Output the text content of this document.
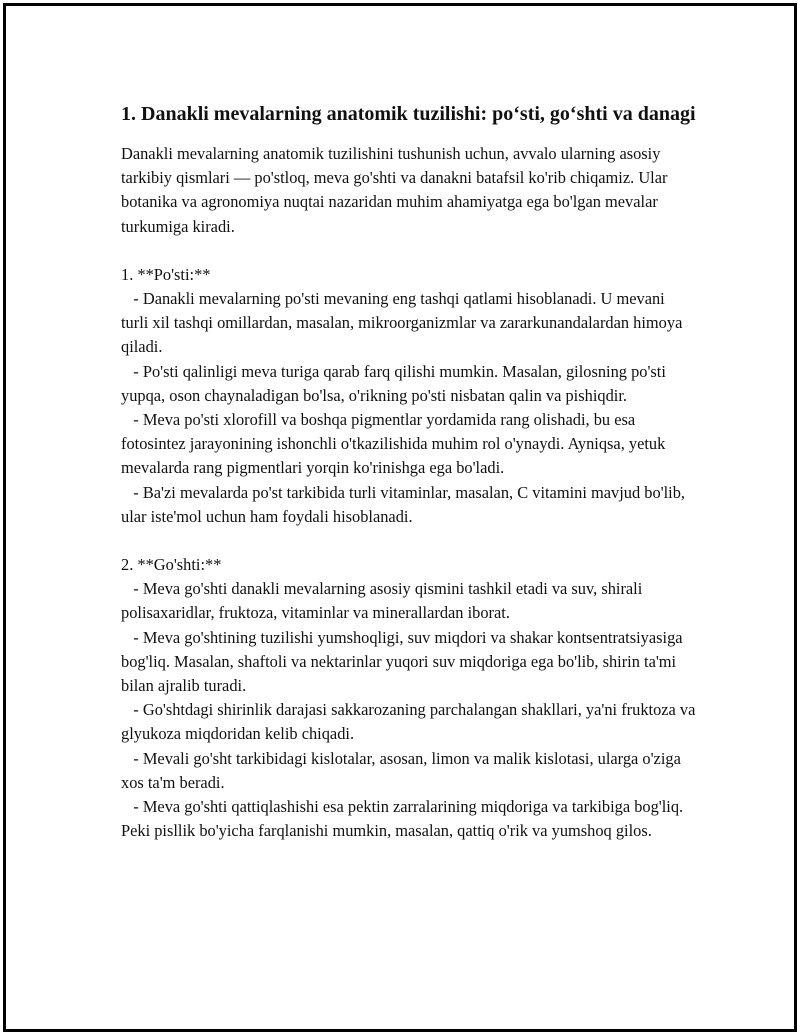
1. Danakli mevalarning anatomik tuzilishi: po‘sti, go‘shti va danagi

Danakli mevalarning anatomik tuzilishini tushunish uchun, avvalo ularning asosiy tarkibiy qismlari — po'stloq, meva go'shti va danakni batafsil ko'rib chiqamiz. Ular botanika va agronomiya nuqtai nazaridan muhim ahamiyatga ega bo'lgan mevalar turkumiga kiradi.

1. **Po'sti:**

- Danakli mevalarning po'sti mevaning eng tashqi qatlami hisoblanadi. U mevani turli xil tashqi omillardan, masalan, mikroorganizmlar va zararkunandalardan himoya qiladi.

- Po'sti qalinligi meva turiga qarab farq qilishi mumkin. Masalan, gilosning po'sti yupqa, oson chaynaladigan bo'lsa, o'rikning po'sti nisbatan qalin va pishiqdir.

- Meva po'sti xlorofill va boshqa pigmentlar yordamida rang olishadi, bu esa fotosintez jarayonining ishonchli o'tkazilishida muhim rol o'ynaydi. Ayniqsa, yetuk mevalarda rang pigmentlari yorqin ko'rinishga ega bo'ladi.

- Ba'zi mevalarda po'st tarkibida turli vitaminlar, masalan, C vitamini mavjud bo'lib, ular iste'mol uchun ham foydali hisoblanadi.

2. **Go'shti:**

- Meva go'shti danakli mevalarning asosiy qismini tashkil etadi va suv, shirali polisaxaridlar, fruktoza, vitaminlar va minerallardan iborat.

- Meva go'shtining tuzilishi yumshoqligi, suv miqdori va shakar kontsentratsiyasiga bog'liq. Masalan, shaftoli va nektarinlar yuqori suv miqdoriga ega bo'lib, shirin ta'mi bilan ajralib turadi.

- Go'shtdagi shirinlik darajasi sakkarozaning parchalangan shakllari, ya'ni fruktoza va glyukoza miqdoridan kelib chiqadi.

- Mevali go'sht tarkibidagi kislotalar, asosan, limon va malik kislotasi, ularga o'ziga xos ta'm beradi.

- Meva go'shti qattiqlashishi esa pektin zarralarining miqdoriga va tarkibiga bog'liq. Peki pisllik bo'yicha farqlanishi mumkin, masalan, qattiq o'rik va yumshoq gilos.
